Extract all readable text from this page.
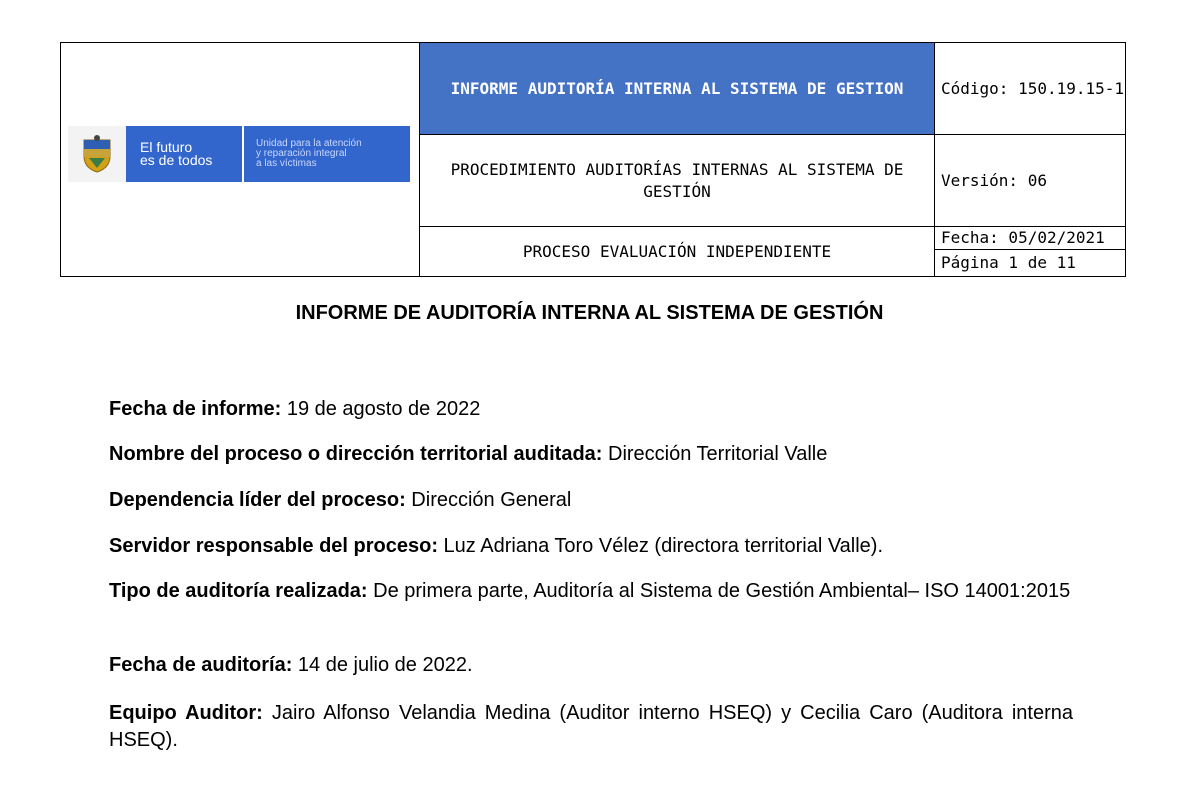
El futuro
es de todos
Unidad para la atención
y reparación integral
a las víctimas	INFORME AUDITORÍA INTERNA AL SISTEMA DE GESTION	Código: 150.19.15-1
	PROCEDIMIENTO AUDITORÍAS INTERNAS AL SISTEMA DE GESTIÓN	Versión: 06
	PROCESO EVALUACIÓN INDEPENDIENTE	Fecha: 05/02/2021
		Página 1 de 11
INFORME DE AUDITORÍA INTERNA AL SISTEMA DE GESTIÓN
Fecha de informe: 19 de agosto de 2022
Nombre del proceso o dirección territorial auditada: Dirección Territorial Valle
Dependencia líder del proceso: Dirección General
Servidor responsable del proceso: Luz Adriana Toro Vélez (directora territorial Valle).
Tipo de auditoría realizada: De primera parte, Auditoría al Sistema de Gestión Ambiental– ISO 14001:2015
Fecha de auditoría: 14 de julio de 2022.
Equipo Auditor: Jairo Alfonso Velandia Medina (Auditor interno HSEQ) y Cecilia Caro (Auditora interna HSEQ).
